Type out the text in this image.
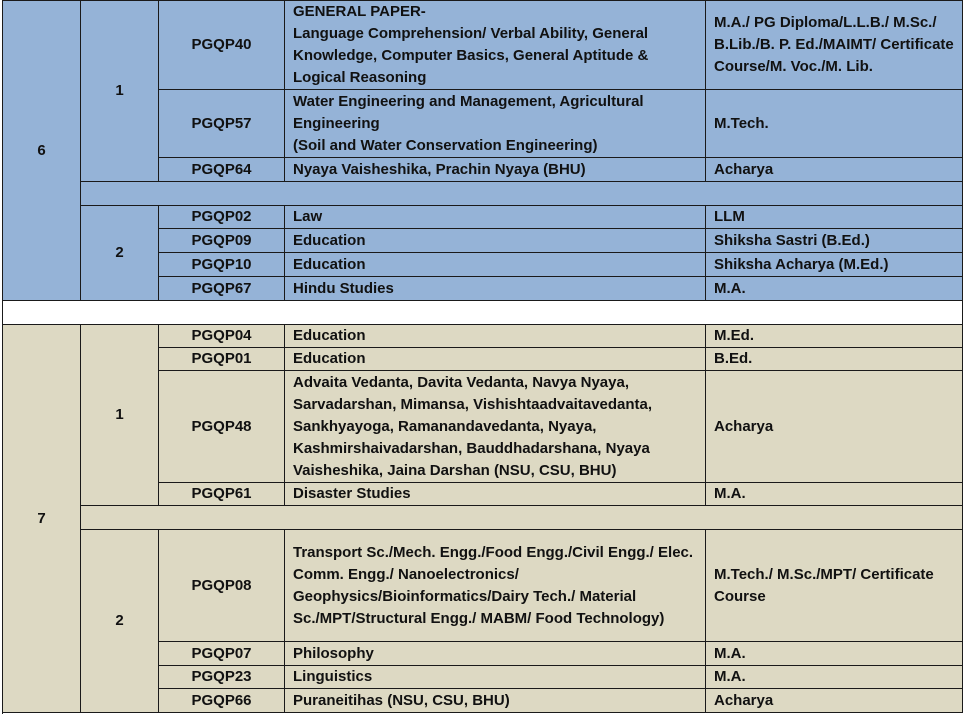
6	1	PGQP40	GENERAL PAPER-
Language Comprehension/ Verbal Ability, General Knowledge, Computer Basics, General Aptitude & Logical Reasoning	M.A./ PG Diploma/L.L.B./ M.Sc./ B.Lib./B. P. Ed./MAIMT/ Certificate Course/M. Voc./M. Lib.
		PGQP57	Water Engineering and Management, Agricultural Engineering
(Soil and Water Conservation Engineering)	M.Tech.
		PGQP64	Nyaya Vaisheshika, Prachin Nyaya (BHU)	Acharya

	2	PGQP02	Law	LLM
		PGQP09	Education	Shiksha Sastri (B.Ed.)
		PGQP10	Education	Shiksha Acharya (M.Ed.)
		PGQP67	Hindu Studies	M.A.

7	1	PGQP04	Education	M.Ed.
		PGQP01	Education	B.Ed.
		PGQP48	Advaita Vedanta, Davita Vedanta, Navya Nyaya, Sarvadarshan, Mimansa, Vishishtaadvaitavedanta, Sankhyayoga, Ramanandavedanta, Nyaya, Kashmirshaivadarshan, Bauddhadarshana, Nyaya Vaisheshika, Jaina Darshan (NSU, CSU, BHU)	Acharya
		PGQP61	Disaster Studies	M.A.

	2	PGQP08	Transport Sc./Mech. Engg./Food Engg./Civil Engg./ Elec. Comm. Engg./ Nanoelectronics/ Geophysics/Bioinformatics/Dairy Tech./ Material Sc./MPT/Structural Engg./ MABM/ Food Technology)	M.Tech./ M.Sc./MPT/ Certificate Course
		PGQP07	Philosophy	M.A.
		PGQP23	Linguistics	M.A.
		PGQP66	Puraneitihas (NSU, CSU, BHU)	Acharya
